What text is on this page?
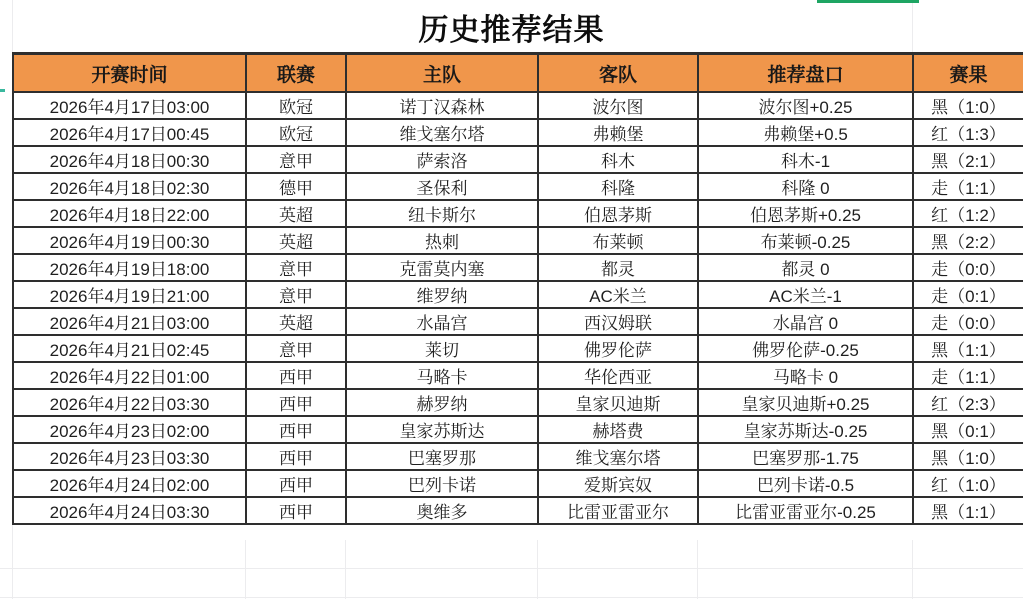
历史推荐结果
开赛时间	联赛	主队	客队	推荐盘口	赛果
2026年4月17日03:00	欧冠	诺丁汉森林	波尔图	波尔图+0.25	黑（1:0）
2026年4月17日00:45	欧冠	维戈塞尔塔	弗赖堡	弗赖堡+0.5	红（1:3）
2026年4月18日00:30	意甲	萨索洛	科木	科木-1	黑（2:1）
2026年4月18日02:30	德甲	圣保利	科隆	科隆 0	走（1:1）
2026年4月18日22:00	英超	纽卡斯尔	伯恩茅斯	伯恩茅斯+0.25	红（1:2）
2026年4月19日00:30	英超	热刺	布莱顿	布莱顿-0.25	黑（2:2）
2026年4月19日18:00	意甲	克雷莫内塞	都灵	都灵 0	走（0:0）
2026年4月19日21:00	意甲	维罗纳	AC米兰	AC米兰-1	走（0:1）
2026年4月21日03:00	英超	水晶宫	西汉姆联	水晶宫 0	走（0:0）
2026年4月21日02:45	意甲	莱切	佛罗伦萨	佛罗伦萨-0.25	黑（1:1）
2026年4月22日01:00	西甲	马略卡	华伦西亚	马略卡 0	走（1:1）
2026年4月22日03:30	西甲	赫罗纳	皇家贝迪斯	皇家贝迪斯+0.25	红（2:3）
2026年4月23日02:00	西甲	皇家苏斯达	赫塔费	皇家苏斯达-0.25	黑（0:1）
2026年4月23日03:30	西甲	巴塞罗那	维戈塞尔塔	巴塞罗那-1.75	黑（1:0）
2026年4月24日02:00	西甲	巴列卡诺	爱斯宾奴	巴列卡诺-0.5	红（1:0）
2026年4月24日03:30	西甲	奥维多	比雷亚雷亚尔	比雷亚雷亚尔-0.25	黑（1:1）
